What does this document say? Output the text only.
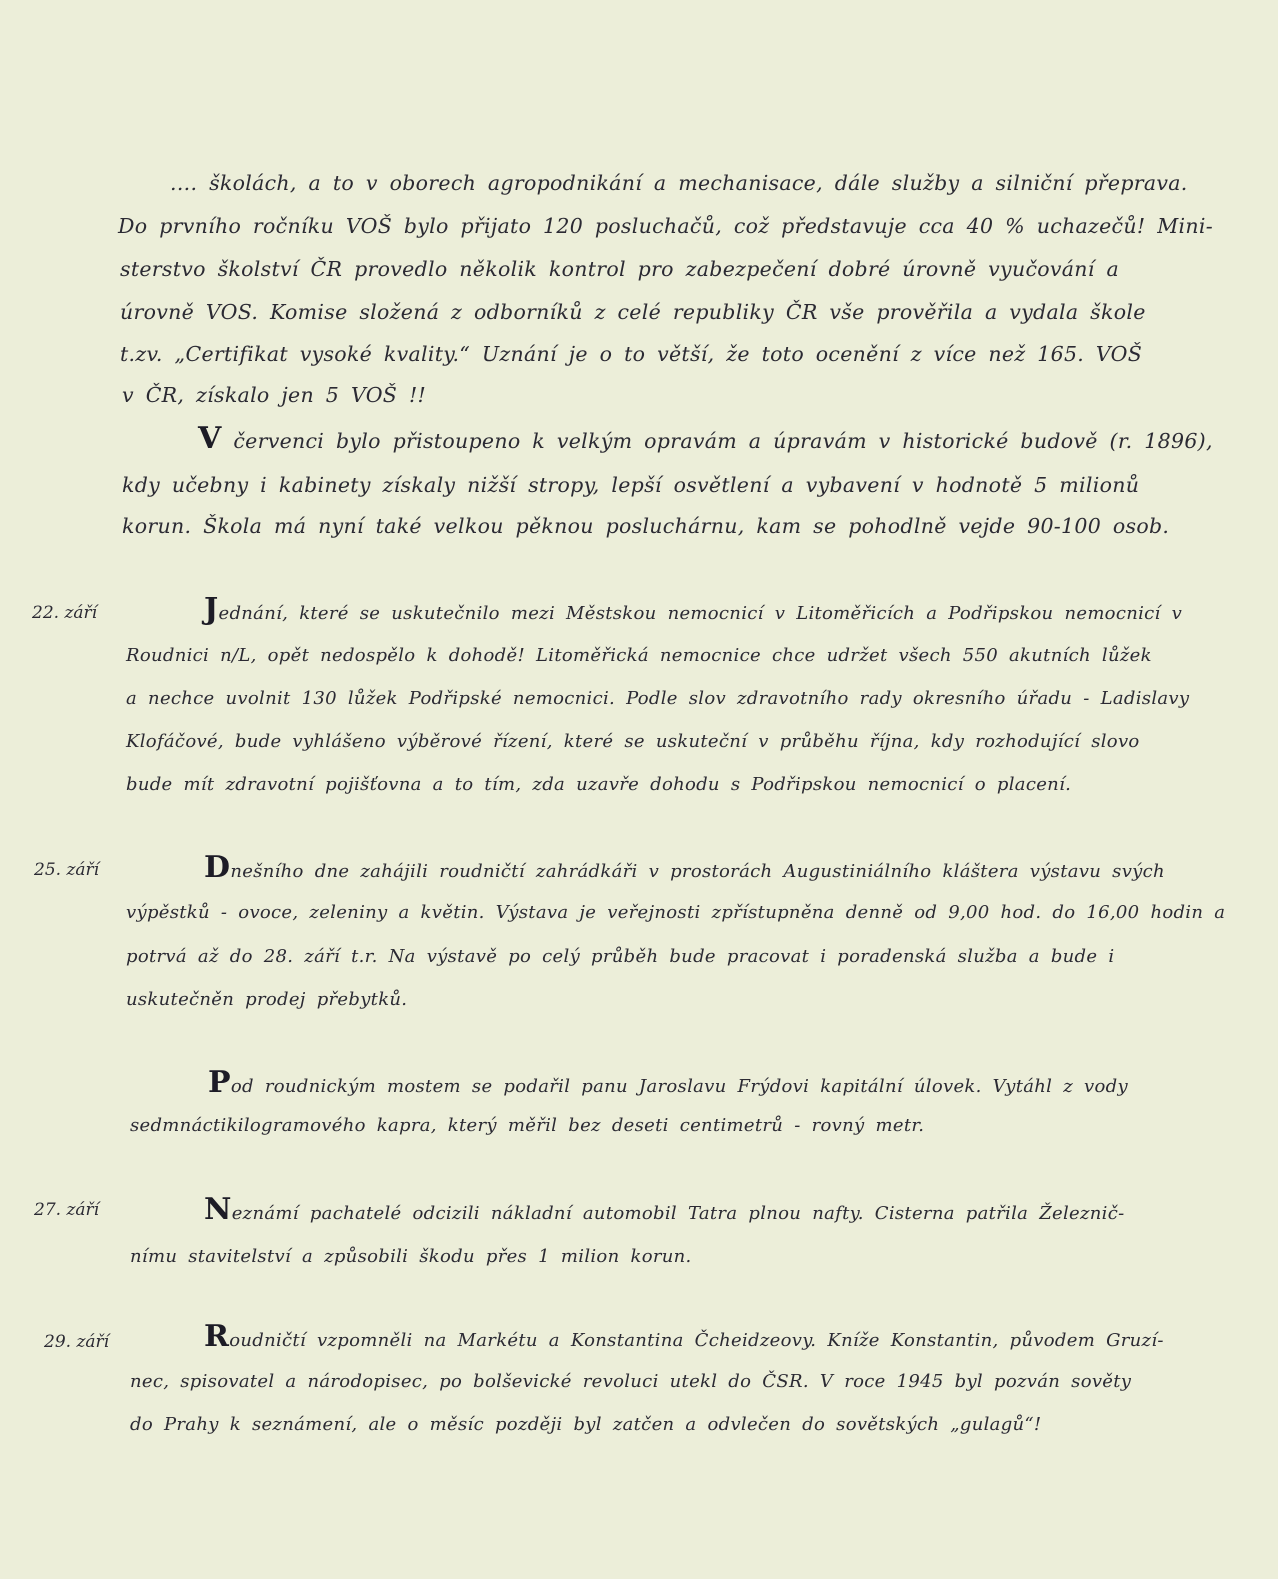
.... školách, a to v oborech agropodnikání a mechanisace, dále služby a silniční přeprava.
Do prvního ročníku VOŠ bylo přijato 120 posluchačů, což představuje cca 40 % uchazečů! Mini-
sterstvo školství ČR provedlo několik kontrol pro zabezpečení dobré úrovně vyučování a
úrovně VOS. Komise složená z odborníků z celé republiky ČR vše prověřila a vydala škole
t.zv. „Certifikat vysoké kvality.“ Uznání je o to větší, že toto ocenění z více než 165. VOŠ
v ČR, získalo jen 5 VOŠ !!
V červenci bylo přistoupeno k velkým opravám a úpravám v historické budově (r. 1896),
kdy učebny i kabinety získaly nižší stropy, lepší osvětlení a vybavení v hodnotě 5 milionů
korun. Škola má nyní také velkou pěknou posluchárnu, kam se pohodlně vejde 90-100 osob.
22. září	Jednání, které se uskutečnilo mezi Městskou nemocnicí v Litoměřicích a Podřipskou nemocnicí v
Roudnici n/L, opět nedospělo k dohodě! Litoměřická nemocnice chce udržet všech 550 akutních lůžek
a nechce uvolnit 130 lůžek Podřipské nemocnici. Podle slov zdravotního rady okresního úřadu - Ladislavy
Klofáčové, bude vyhlášeno výběrové řízení, které se uskuteční v průběhu října, kdy rozhodující slovo
bude mít zdravotní pojišťovna a to tím, zda uzavře dohodu s Podřipskou nemocnicí o placení.
25. září	Dnešního dne zahájili roudničtí zahrádkáři v prostorách Augustiniálního kláštera výstavu svých
výpěstků - ovoce, zeleniny a květin. Výstava je veřejnosti zpřístupněna denně od 9,00 hod. do 16,00 hodin a
potrvá až do 28. září t.r. Na výstavě po celý průběh bude pracovat i poradenská služba a bude i
uskutečněn prodej přebytků.
Pod roudnickým mostem se podařil panu Jaroslavu Frýdovi kapitální úlovek. Vytáhl z vody
sedmnáctikilogramového kapra, který měřil bez deseti centimetrů - rovný metr.
27. září	Neznámí pachatelé odcizili nákladní automobil Tatra plnou nafty. Cisterna patřila Železnič-
nímu stavitelství a způsobili škodu přes 1 milion korun.
29. září	Roudničtí vzpomněli na Markétu a Konstantina Čcheidzeovy. Kníže Konstantin, původem Gruzí-
nec, spisovatel a národopisec, po bolševické revoluci utekl do ČSR. V roce 1945 byl pozván sověty
do Prahy k seznámení, ale o měsíc později byl zatčen a odvlečen do sovětských „gulagů“!
